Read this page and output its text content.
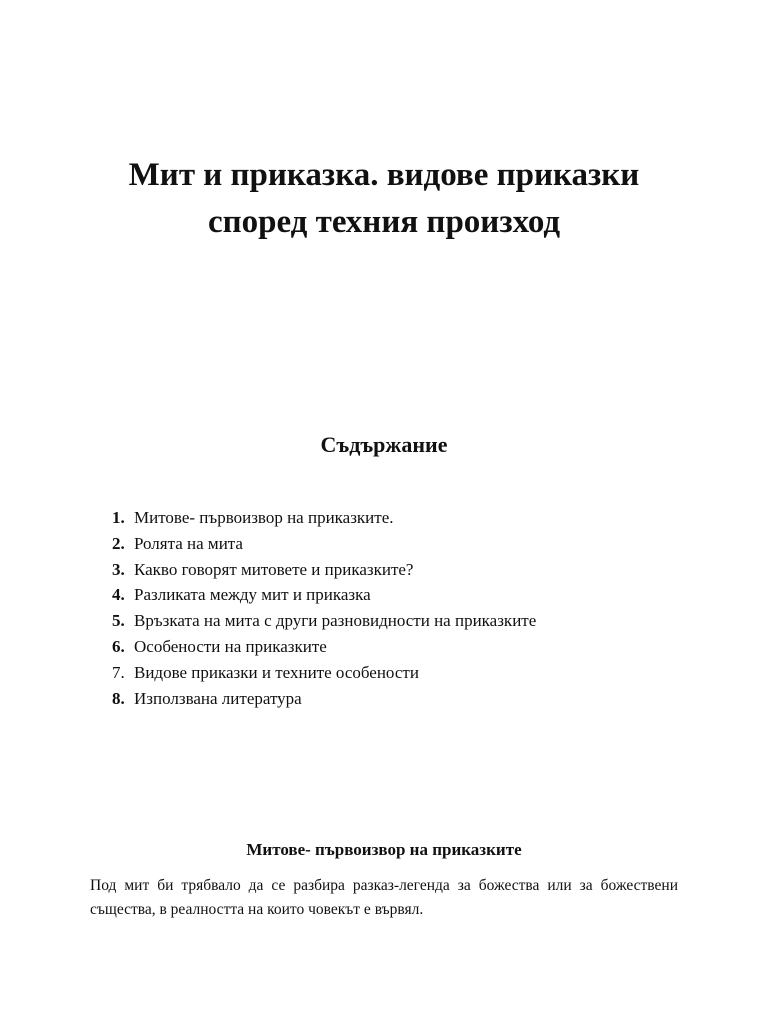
Мит и приказка. видове приказки
според техния произход
Съдържание
1. Митове- първоизвор на приказките.
2. Ролята на мита
3. Какво говорят митовете и приказките?
4. Разликата между мит и приказка
5. Връзката на мита с други разновидности на приказките
6. Особености на приказките
7. Видове приказки и техните особености
8. Използвана литература
Митове- първоизвор на приказките

Под мит би трябвало да се разбира разказ-легенда за божества или за божествени същества, в реалността на които човекът е вървял.
